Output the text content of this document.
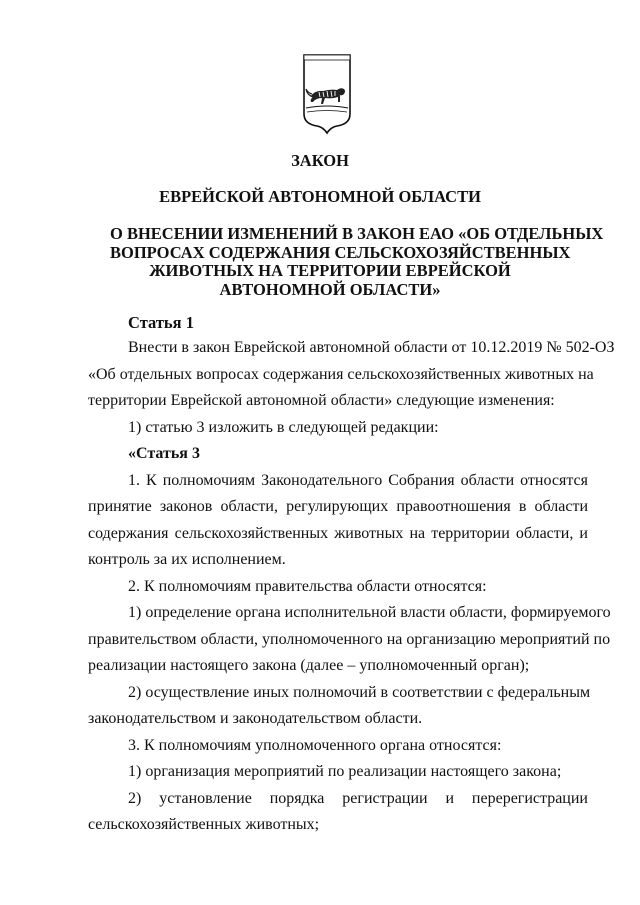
ЗАКОН
ЕВРЕЙСКОЙ АВТОНОМНОЙ ОБЛАСТИ
О ВНЕСЕНИИ ИЗМЕНЕНИЙ В ЗАКОН ЕАО «ОБ ОТДЕЛЬНЫХ
ВОПРОСАХ СОДЕРЖАНИЯ СЕЛЬСКОХОЗЯЙСТВЕННЫХ
ЖИВОТНЫХ НА ТЕРРИТОРИИ ЕВРЕЙСКОЙ
АВТОНОМНОЙ ОБЛАСТИ»
Статья 1

Внести в закон Еврейской автономной области от 10.12.2019 № 502-ОЗ
«Об отдельных вопросах содержания сельскохозяйственных животных на
территории Еврейской автономной области» следующие изменения:

1) статью 3 изложить в следующей редакции:

«Статья 3

1. К полномочиям Законодательного Собрания области относятся
принятие законов области, регулирующих правоотношения в области
содержания сельскохозяйственных животных на территории области, и
контроль за их исполнением.

2. К полномочиям правительства области относятся:

1) определение органа исполнительной власти области, формируемого
правительством области, уполномоченного на организацию мероприятий по
реализации настоящего закона (далее – уполномоченный орган);

2) осуществление иных полномочий в соответствии с федеральным
законодательством и законодательством области.

3. К полномочиям уполномоченного органа относятся:

1) организация мероприятий по реализации настоящего закона;

2) установление порядка регистрации и перерегистрации
сельскохозяйственных животных;
